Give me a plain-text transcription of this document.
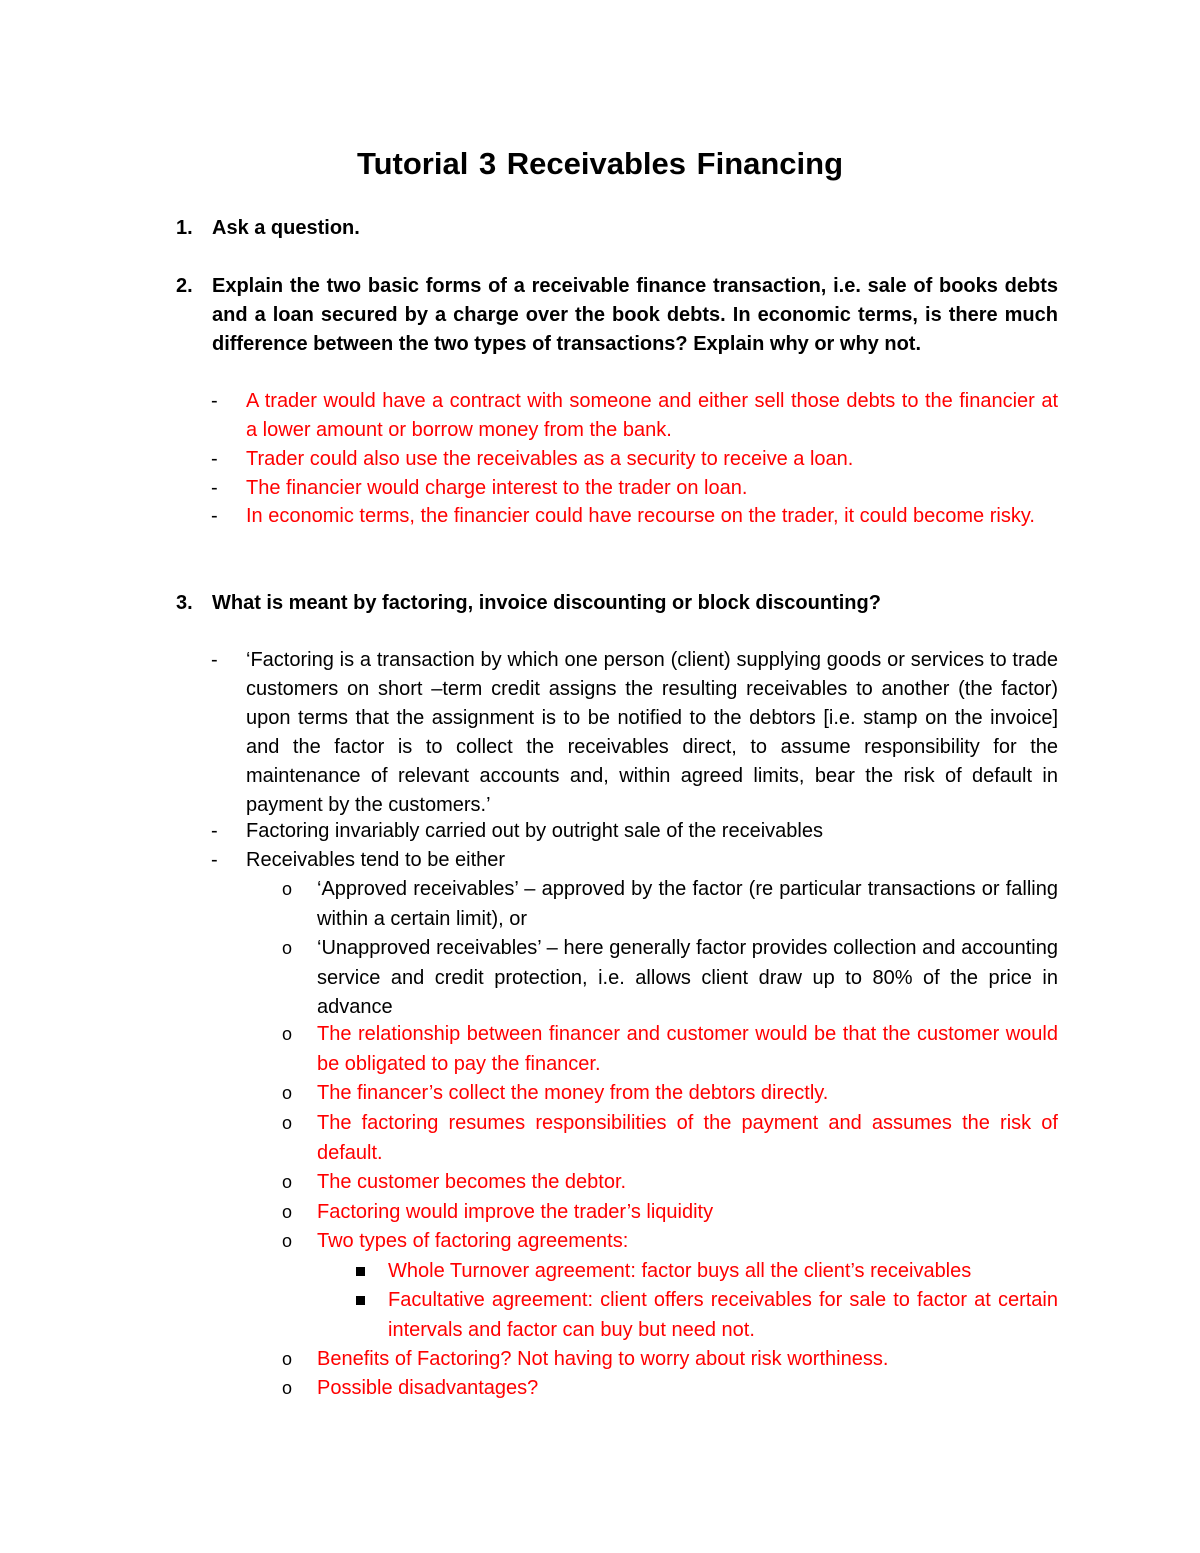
Tutorial 3 Receivables Financing
1. Ask a question.
2. Explain the two basic forms of a receivable finance transaction, i.e. sale of books debts and a loan secured by a charge over the book debts. In economic terms, is there much difference between the two types of transactions? Explain why or why not.
- A trader would have a contract with someone and either sell those debts to the financier at a lower amount or borrow money from the bank.
- Trader could also use the receivables as a security to receive a loan.
- The financier would charge interest to the trader on loan.
- In economic terms, the financier could have recourse on the trader, it could become risky.
3. What is meant by factoring, invoice discounting or block discounting?
- ‘Factoring is a transaction by which one person (client) supplying goods or services to trade customers on short –term credit assigns the resulting receivables to another (the factor) upon terms that the assignment is to be notified to the debtors [i.e. stamp on the invoice] and the factor is to collect the receivables direct, to assume responsibility for the maintenance of relevant accounts and, within agreed limits, bear the risk of default in payment by the customers.’
- Factoring invariably carried out by outright sale of the receivables
- Receivables tend to be either
o ‘Approved receivables’ – approved by the factor (re particular transactions or falling within a certain limit), or
o ‘Unapproved receivables’ – here generally factor provides collection and accounting service and credit protection, i.e. allows client draw up to 80% of the price in advance
o The relationship between financer and customer would be that the customer would be obligated to pay the financer.
o The financer’s collect the money from the debtors directly.
o The factoring resumes responsibilities of the payment and assumes the risk of default.
o The customer becomes the debtor.
o Factoring would improve the trader’s liquidity
o Two types of factoring agreements:
Whole Turnover agreement: factor buys all the client’s receivables
Facultative agreement: client offers receivables for sale to factor at certain intervals and factor can buy but need not.
o Benefits of Factoring? Not having to worry about risk worthiness.
o Possible disadvantages?
